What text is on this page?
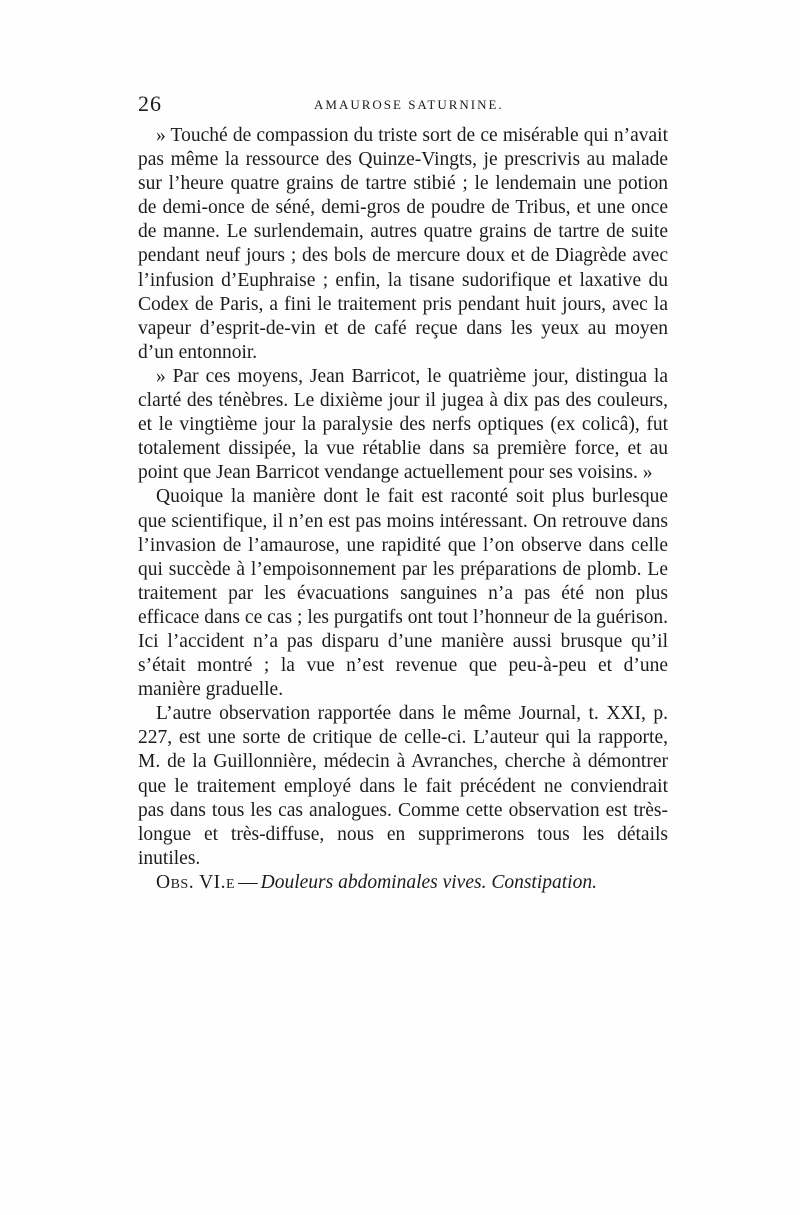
26	AMAUROSE SATURNINE.

» Touché de compassion du triste sort de ce misérable qui n’avait pas même la ressource des Quinze-Vingts, je prescrivis au malade sur l’heure quatre grains de tartre stibié ; le lendemain une potion de demi-once de séné, demi-gros de poudre de Tribus, et une once de manne. Le surlendemain, autres quatre grains de tartre de suite pendant neuf jours ; des bols de mercure doux et de Diagrède avec l’infusion d’Euphraise ; enfin, la tisane sudorifique et laxative du Codex de Paris, a fini le traitement pris pendant huit jours, avec la vapeur d’esprit-de-vin et de café reçue dans les yeux au moyen d’un entonnoir.

» Par ces moyens, Jean Barricot, le quatrième jour, distingua la clarté des ténèbres. Le dixième jour il jugea à dix pas des couleurs, et le vingtième jour la paralysie des nerfs optiques (ex colicâ), fut totalement dissipée, la vue rétablie dans sa première force, et au point que Jean Barricot vendange actuellement pour ses voisins. »

Quoique la manière dont le fait est raconté soit plus burlesque que scientifique, il n’en est pas moins intéressant. On retrouve dans l’invasion de l’amaurose, une rapidité que l’on observe dans celle qui succède à l’empoisonnement par les préparations de plomb. Le traitement par les évacuations sanguines n’a pas été non plus efficace dans ce cas ; les purgatifs ont tout l’honneur de la guérison. Ici l’accident n’a pas disparu d’une manière aussi brusque qu’il s’était montré ; la vue n’est revenue que peu-à-peu et d’une manière graduelle.

L’autre observation rapportée dans le même Journal, t. XXI, p. 227, est une sorte de critique de celle-ci. L’auteur qui la rapporte, M. de la Guillonnière, médecin à Avranches, cherche à démontrer que le traitement employé dans le fait précédent ne conviendrait pas dans tous les cas analogues. Comme cette observation est très-longue et très-diffuse, nous en supprimerons tous les détails inutiles.

Obs. VI.e — Douleurs abdominales vives. Constipation.
